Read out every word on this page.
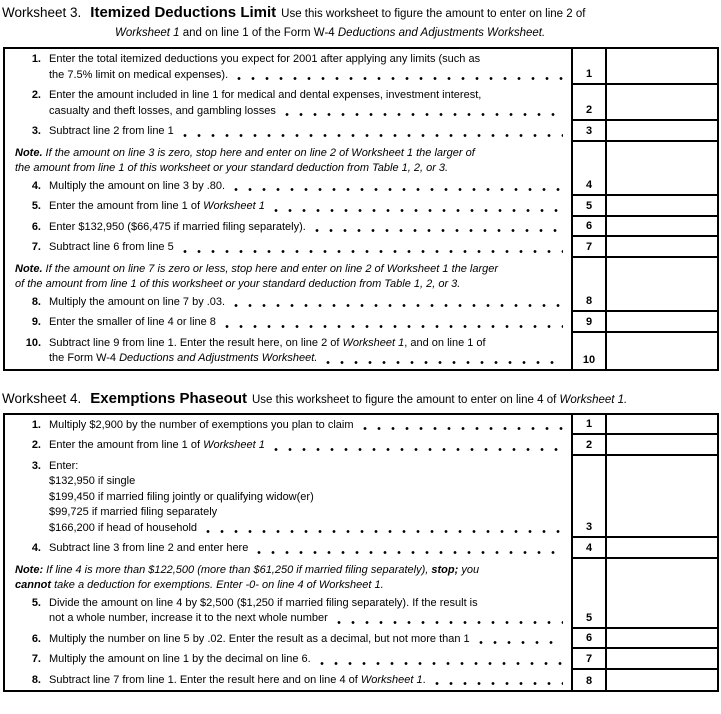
Worksheet 3. Itemized Deductions Limit Use this worksheet to figure the amount to enter on line 2 of
Worksheet 1 and on line 1 of the Form W-4 Deductions and Adjustments Worksheet.
1. Enter the total itemized deductions you expect for 2001 after applying any limits (such as
the 7.5% limit on medical expenses).	1
2. Enter the amount included in line 1 for medical and dental expenses, investment interest,
casualty and theft losses, and gambling losses	2
3. Subtract line 2 from line 1	3
Note. If the amount on line 3 is zero, stop here and enter on line 2 of Worksheet 1 the larger of
the amount from line 1 of this worksheet or your standard deduction from Table 1, 2, or 3.
4. Multiply the amount on line 3 by .80.	4
5. Enter the amount from line 1 of Worksheet 1	5
6. Enter $132,950 ($66,475 if married filing separately).	6
7. Subtract line 6 from line 5	7
Note. If the amount on line 7 is zero or less, stop here and enter on line 2 of Worksheet 1 the larger
of the amount from line 1 of this worksheet or your standard deduction from Table 1, 2, or 3.
8. Multiply the amount on line 7 by .03.	8
9. Enter the smaller of line 4 or line 8	9
10. Subtract line 9 from line 1. Enter the result here, on line 2 of Worksheet 1, and on line 1 of
the Form W-4 Deductions and Adjustments Worksheet.	10
Worksheet 4. Exemptions Phaseout Use this worksheet to figure the amount to enter on line 4 of Worksheet 1.
1. Multiply $2,900 by the number of exemptions you plan to claim	1
2. Enter the amount from line 1 of Worksheet 1	2
3. Enter:
$132,950 if single
$199,450 if married filing jointly or qualifying widow(er)
$99,725 if married filing separately
$166,200 if head of household	3
4. Subtract line 3 from line 2 and enter here	4
Note: If line 4 is more than $122,500 (more than $61,250 if married filing separately), stop; you
cannot take a deduction for exemptions. Enter -0- on line 4 of Worksheet 1.
5. Divide the amount on line 4 by $2,500 ($1,250 if married filing separately). If the result is
not a whole number, increase it to the next whole number	5
6. Multiply the number on line 5 by .02. Enter the result as a decimal, but not more than 1	6
7. Multiply the amount on line 1 by the decimal on line 6.	7
8. Subtract line 7 from line 1. Enter the result here and on line 4 of Worksheet 1.	8
